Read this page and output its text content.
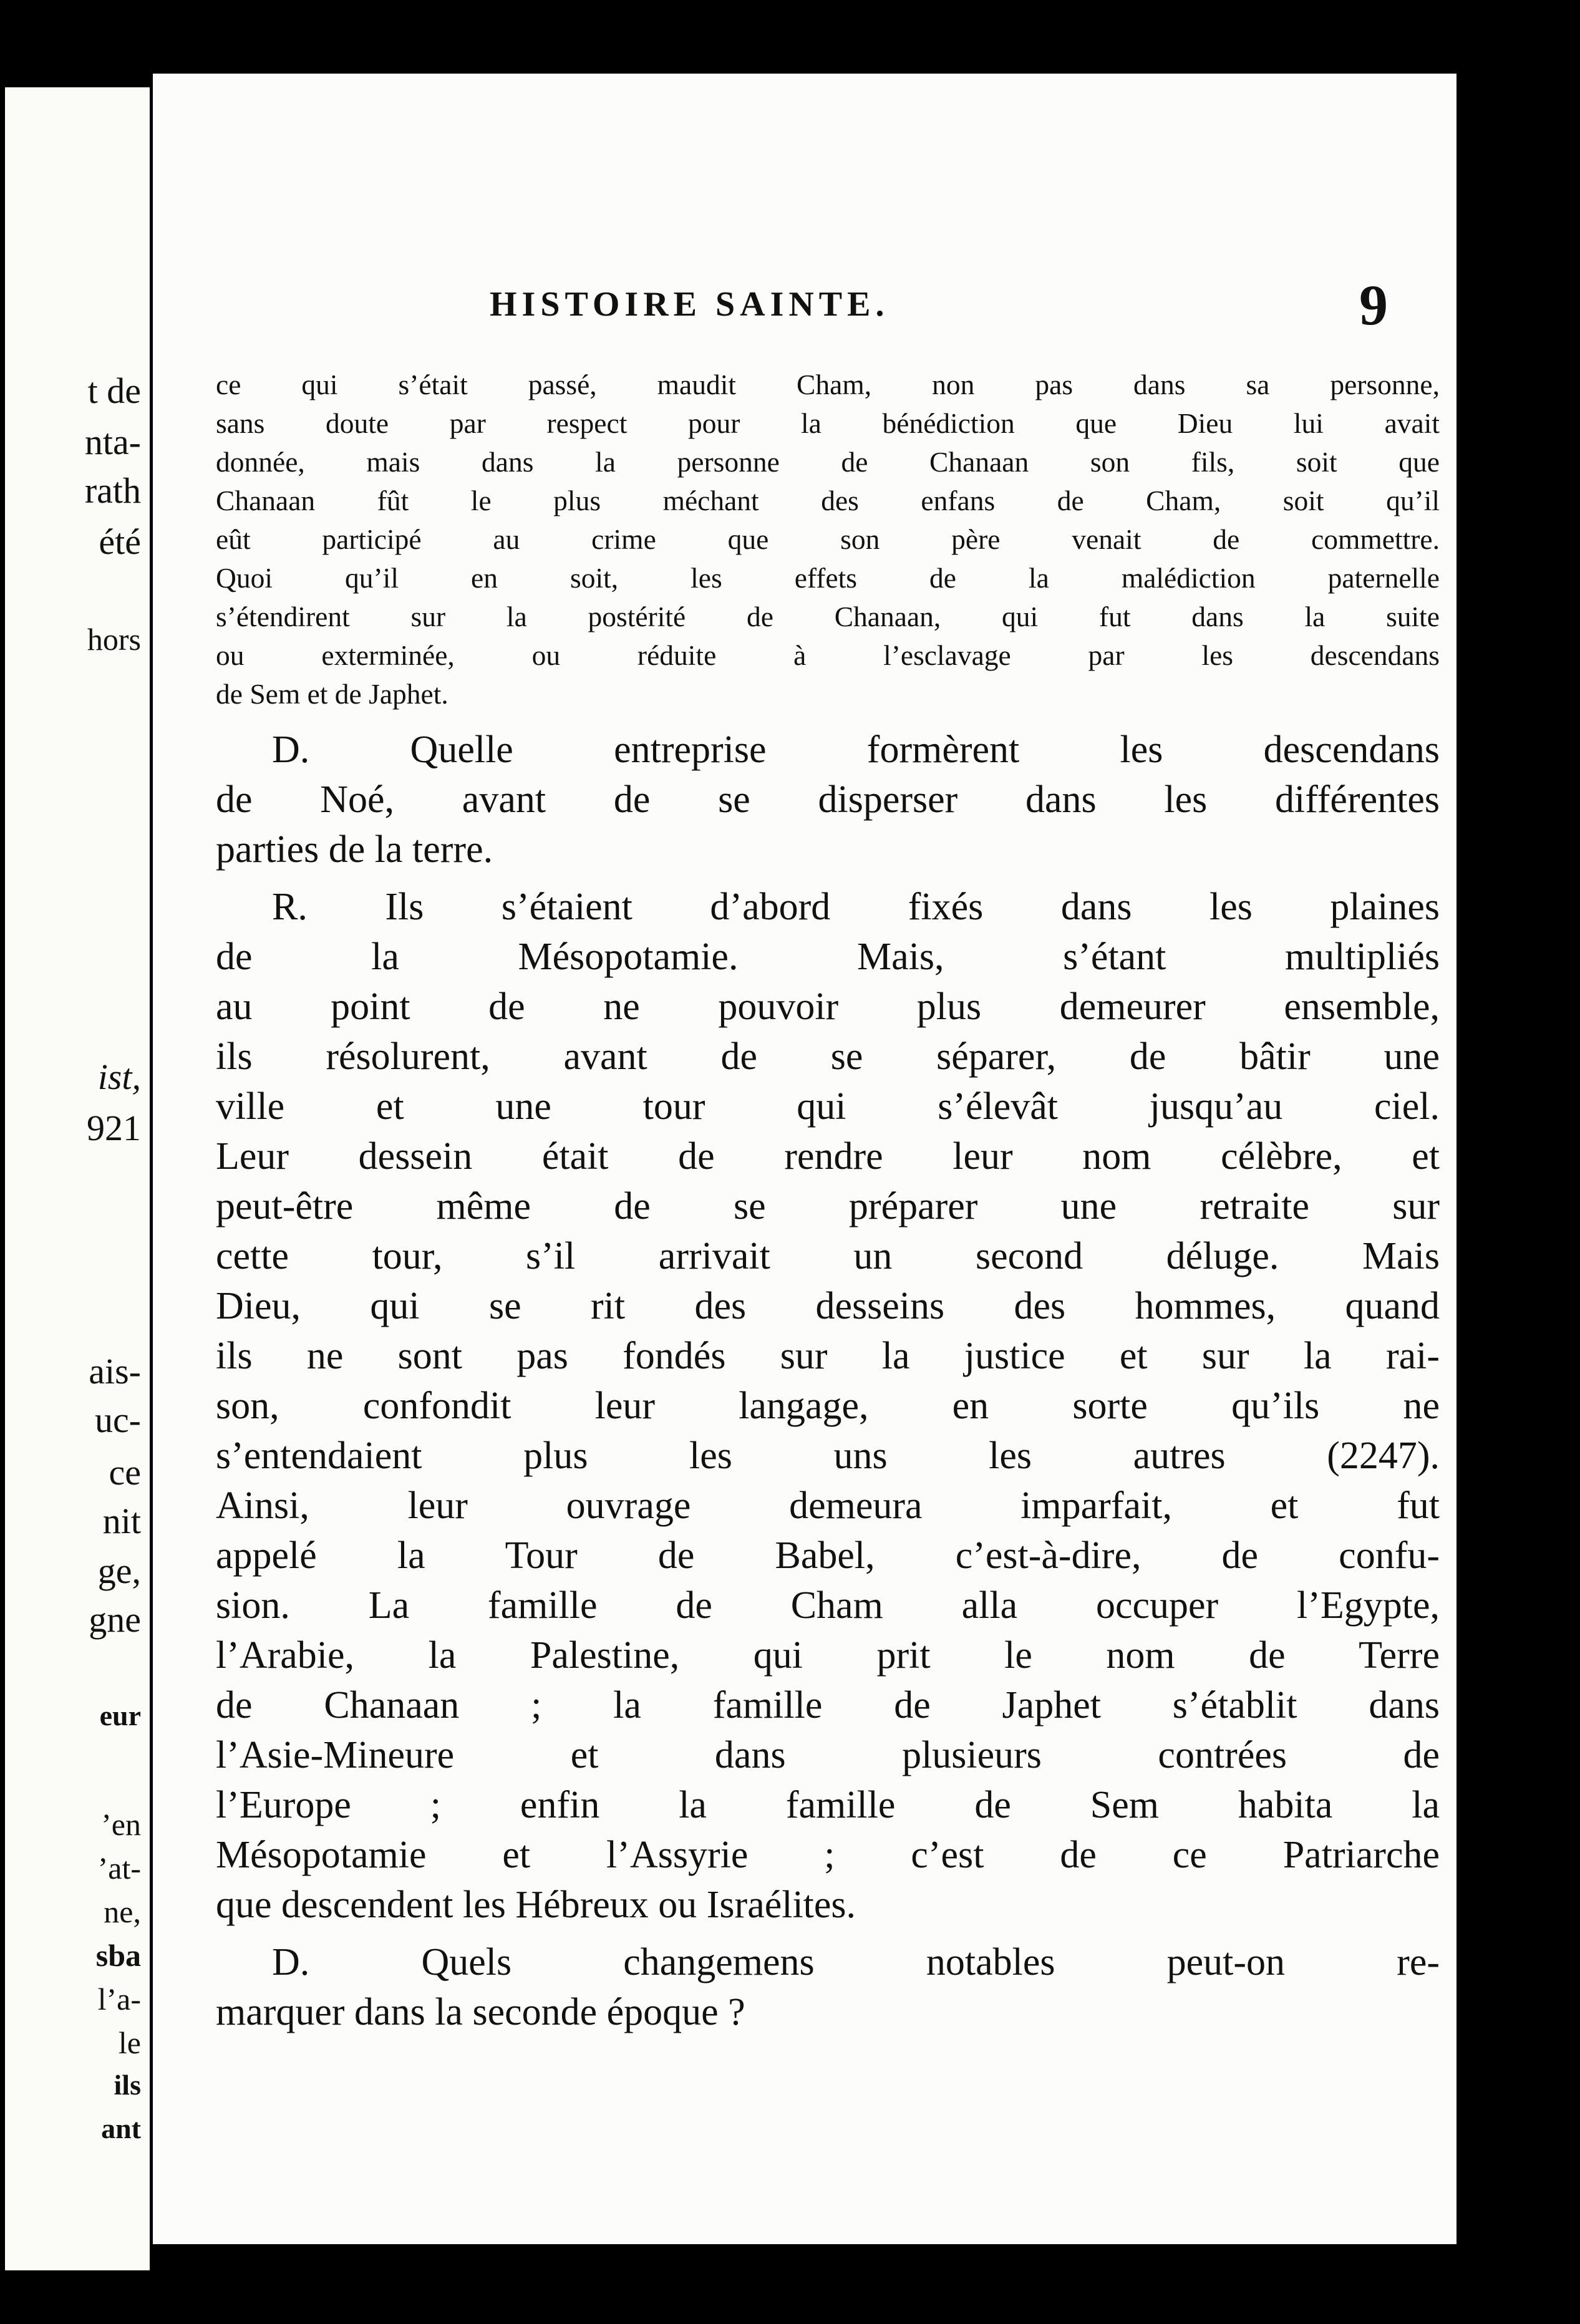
t de
nta-
rath
été
hors
ist,
921
ais-
uc-
ce
nit
ge,
gne
eur
’en
’at-
ne,
sba
l’a-
le
ils
ant
HISTOIRE SAINTE.	9

ce qui s’était passé, maudit Cham, non pas dans sa personne,
sans doute par respect pour la bénédiction que Dieu lui avait
donnée, mais dans la personne de Chanaan son fils, soit que
Chanaan fût le plus méchant des enfans de Cham, soit qu’il
eût participé au crime que son père venait de commettre.
Quoi qu’il en soit, les effets de la malédiction paternelle
s’étendirent sur la postérité de Chanaan, qui fut dans la suite
ou exterminée, ou réduite à l’esclavage par les descendans
de Sem et de Japhet.

D. Quelle entreprise formèrent les descendans
de Noé, avant de se disperser dans les différentes
parties de la terre.

R. Ils s’étaient d’abord fixés dans les plaines
de la Mésopotamie. Mais, s’étant multipliés
au point de ne pouvoir plus demeurer ensemble,
ils résolurent, avant de se séparer, de bâtir une
ville et une tour qui s’élevât jusqu’au ciel.
Leur dessein était de rendre leur nom célèbre, et
peut-être même de se préparer une retraite sur
cette tour, s’il arrivait un second déluge. Mais
Dieu, qui se rit des desseins des hommes, quand
ils ne sont pas fondés sur la justice et sur la rai-
son, confondit leur langage, en sorte qu’ils ne
s’entendaient plus les uns les autres (2247).
Ainsi, leur ouvrage demeura imparfait, et fut
appelé la Tour de Babel, c’est-à-dire, de confu-
sion. La famille de Cham alla occuper l’Egypte,
l’Arabie, la Palestine, qui prit le nom de Terre
de Chanaan ; la famille de Japhet s’établit dans
l’Asie-Mineure et dans plusieurs contrées de
l’Europe ; enfin la famille de Sem habita la
Mésopotamie et l’Assyrie ; c’est de ce Patriarche
que descendent les Hébreux ou Israélites.

D. Quels changemens notables peut-on re-
marquer dans la seconde époque ?
